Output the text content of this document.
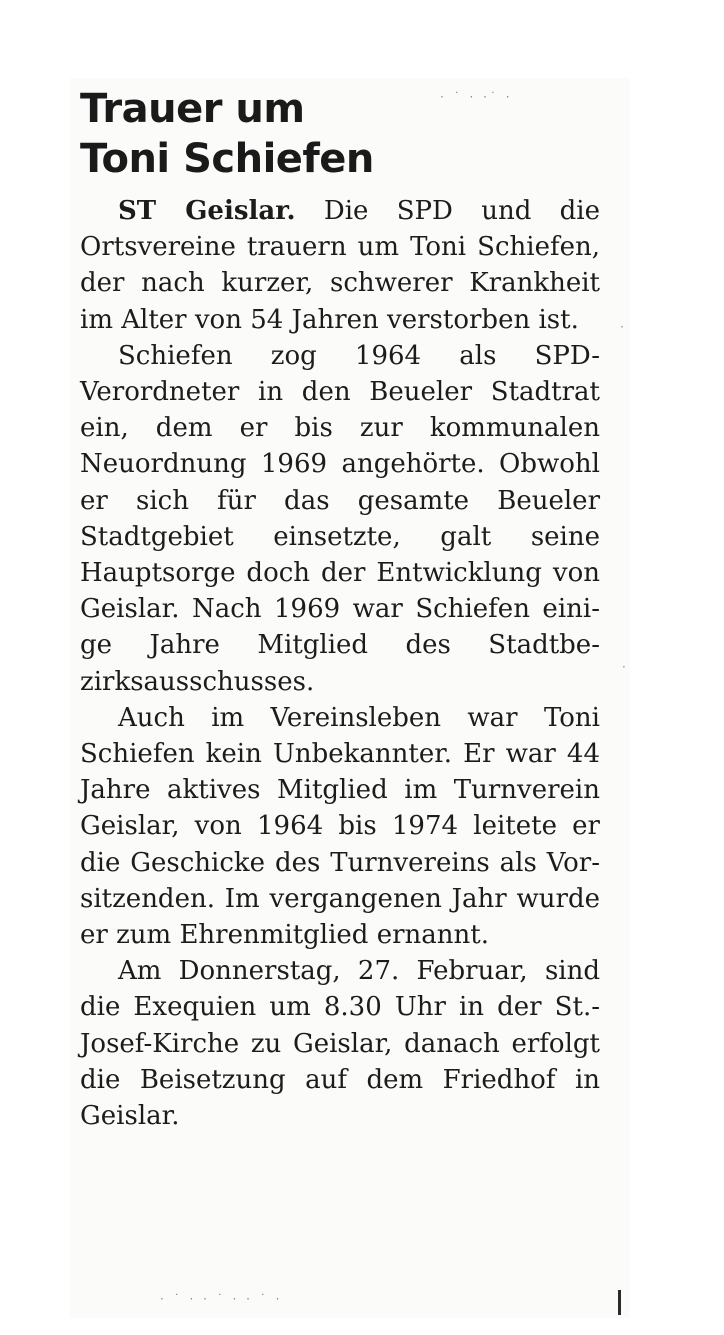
· ˙ · ·˙ ·
·
·
· ˙ · · ˙ · · ˙ ·
Trauer um
Toni Schiefen

ST Geislar. Die SPD und die Ortsvereine trauern um Toni Schiefen, der nach kurzer, schwerer Krankheit im Alter von 54 Jahren verstorben ist.

Schiefen zog 1964 als SPD-Verordneter in den Beueler Stadtrat ein, dem er bis zur kommunalen Neuordnung 1969 angehörte. Obwohl er sich für das gesamte Beueler Stadtgebiet einsetzte, galt seine Hauptsorge doch der Entwicklung von Geislar. Nach 1969 war Schiefen einige Jahre Mitglied des Stadtbezirksausschusses.

Auch im Vereinsleben war Toni Schiefen kein Unbekannter. Er war 44 Jahre aktives Mitglied im Turnverein Geislar, von 1964 bis 1974 leitete er die Geschicke des Turnvereins als Vorsitzenden. Im vergangenen Jahr wurde er zum Ehrenmitglied ernannt.

Am Donnerstag, 27. Februar, sind die Exequien um 8.30 Uhr in der St.-Josef-Kirche zu Geislar, danach erfolgt die Beisetzung auf dem Friedhof in Geislar.
